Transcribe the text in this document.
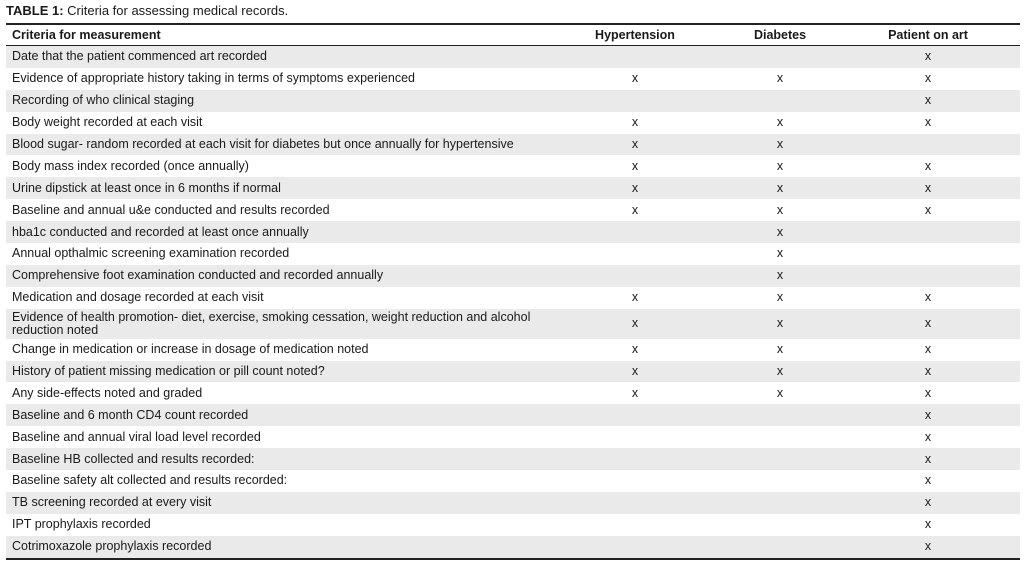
TABLE 1: Criteria for assessing medical records.
Criteria for measurement	Hypertension	Diabetes	Patient on art
Date that the patient commenced art recorded			x
Evidence of appropriate history taking in terms of symptoms experienced	x	x	x
Recording of who clinical staging			x
Body weight recorded at each visit	x	x	x
Blood sugar- random recorded at each visit for diabetes but once annually for hypertensive	x	x	
Body mass index recorded (once annually)	x	x	x
Urine dipstick at least once in 6 months if normal	x	x	x
Baseline and annual u&e conducted and results recorded	x	x	x
hba1c conducted and recorded at least once annually		x	
Annual opthalmic screening examination recorded		x	
Comprehensive foot examination conducted and recorded annually		x	
Medication and dosage recorded at each visit	x	x	x
Evidence of health promotion- diet, exercise, smoking cessation, weight reduction and alcohol reduction noted	x	x	x
Change in medication or increase in dosage of medication noted	x	x	x
History of patient missing medication or pill count noted?	x	x	x
Any side-effects noted and graded	x	x	x
Baseline and 6 month CD4 count recorded			x
Baseline and annual viral load level recorded			x
Baseline HB collected and results recorded:			x
Baseline safety alt collected and results recorded:			x
TB screening recorded at every visit			x
IPT prophylaxis recorded			x
Cotrimoxazole prophylaxis recorded			x
